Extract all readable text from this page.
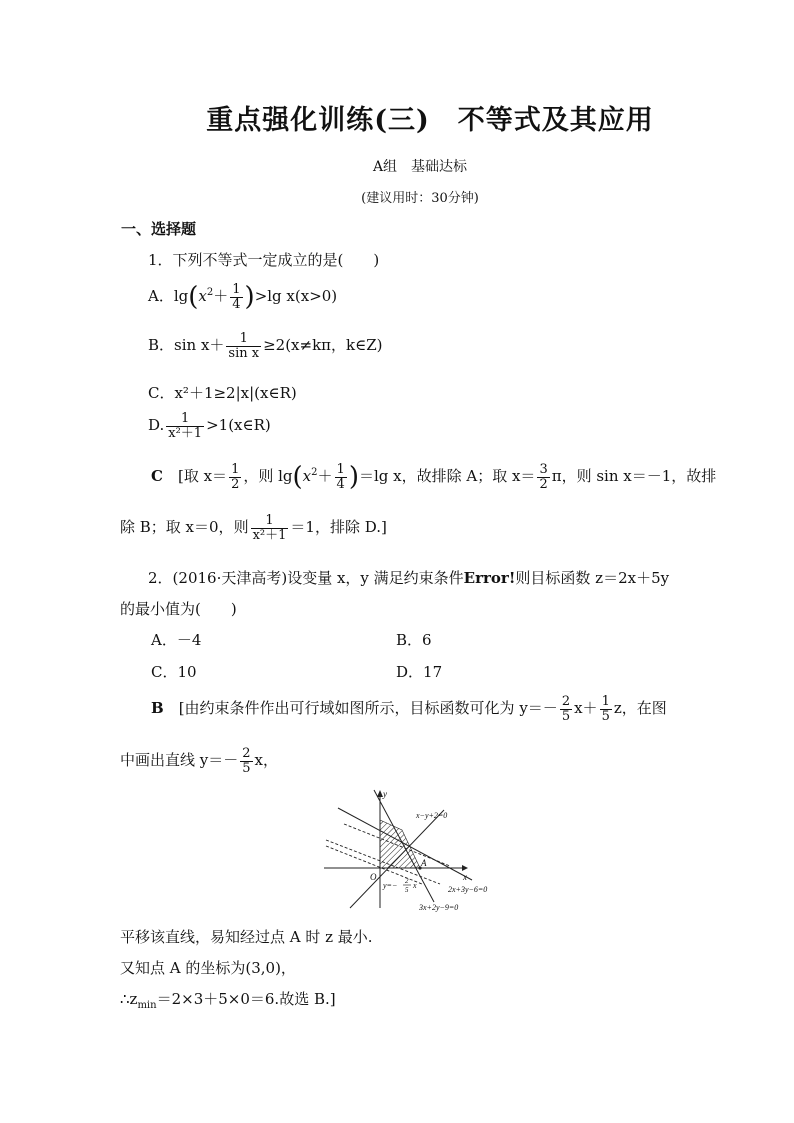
重点强化训练(三) 不等式及其应用
A组　基础达标
(建议用时：30分钟)
一、选择题
1．下列不等式一定成立的是(　　)
A．$\lg(x^2+ \frac{1}{4} )>\lg$ x(x>0)
B．$\sin x+ \frac{1}{\text{sin x}} \ge 2(x\ne k\pi$，k∈Z)
C．x²＋1≥2|x|(x∈R)
D. $\frac{1}{\text{x²＋1}}$ >1(x∈R)
C　 [取 $x= \frac{1}{2}$ ，则 $\lg(x^2+ \frac{1}{4} )=\lg$ x，故排除 A；取 $x= \frac{3}{2}$ π，则 sin x＝－1，故排
除 B；取 x＝0，则 $\frac{1}{\text{x²＋1}} =1$，排除 D.]
2．(2016·天津高考)设变量 x，y 满足约束条件Error!则目标函数 z＝2x＋5y
的最小值为(　　)
A．－4	B．6
C．10	D．17
B　 [由约束条件作出可行域如图所示，目标函数可化为 $y=- \frac{2}{5} x+ \frac{1}{5}$ z，在图
中画出直线 $y=- \frac{2}{5}$ x，
y
x
O
A
x−y+2=0
2x+3y−6=0
3x+2y−9=0
y=− 2
5 x
平移该直线，易知经过点 A 时 z 最小.
又知点 A 的坐标为(3,0)，
$\therefore z_{min}=2\times 3+5\times 0=6$.故选 B.]
